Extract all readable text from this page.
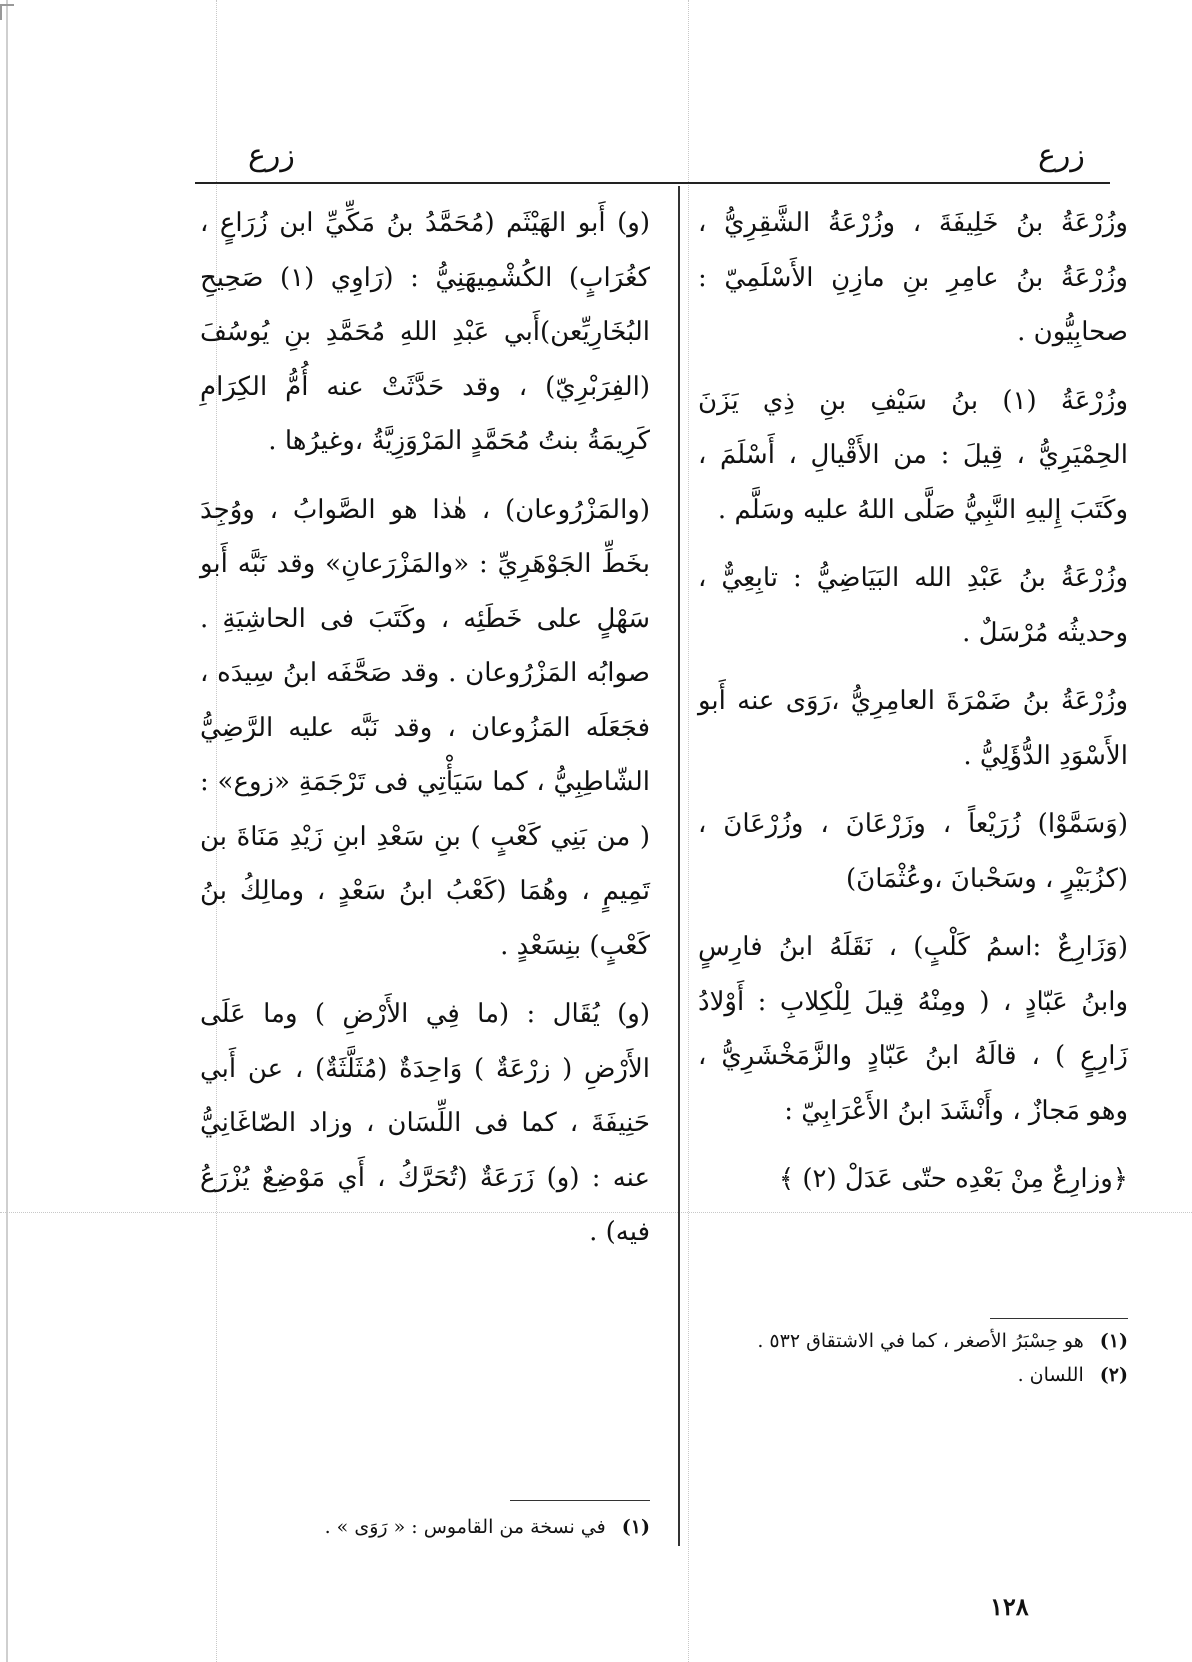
زرع	زرع

وزُرْعَةُ بنُ خَلِيفَةَ ، وزُرْعَةُ الشَّقِرِيُّ ، وزُرْعَةُ بنُ عامِرِ بنِ مازِنِ الأَسْلَمِيّ : صحابِيُّون .

وزُرْعَةُ (١) بنُ سَيْفِ بنِ ذِي يَزَنَ الحِمْيَرِيُّ ، قِيلَ : من الأَقْيالِ ، أَسْلَمَ ، وكَتَبَ إِليهِ النَّبِيُّ صَلَّى اللهُ عليه وسَلَّم .

وزُرْعَةُ بنُ عَبْدِ الله البَيَاضِيُّ : تابِعِيٌّ ، وحديثُه مُرْسَلٌ .

وزُرْعَةُ بنُ ضَمْرَةَ العامِرِيُّ ،رَوَى عنه أَبو الأَسْوَدِ الدُّؤَلِيُّ .

(وَسَمَّوْا) زُرَيْعاً ، وزَرْعَانَ ، وزُرْعَانَ ، (كزُبَيْرٍ ، وسَحْبانَ ،وعُثْمَانَ)

(وَزَارِعٌ :اسمُ كَلْبٍ) ، نَقَلَهُ ابنُ فارِسٍ وابنُ عَبّادٍ ، ( ومِنْهُ قِيلَ لِلْكِلابِ : أَوْلادُ زَارِعٍ ) ، قالَهُ ابنُ عَبّادٍ والزَّمَخْشَرِيُّ ، وهو مَجازٌ ، وأَنْشَدَ ابنُ الأَعْرَابِيّ :

﴿وزارِعٌ مِنْ بَعْدِه حتّى عَدَلْ (٢) ﴾

(و) أَبو الهَيْثَم (مُحَمَّدُ بنُ مَكِّيِّ ابن زُرَاعٍ ، كغُرَابٍ) الكُشْمِيهَنِيُّ : (رَاوِي (١) صَحِيحِ البُخَارِيِّعن)أَبي عَبْدِ اللهِ مُحَمَّدِ بنِ يُوسُفَ (الفِرَبْرِيّ) ، وقد حَدَّثَتْ عنه أُمُّ الكِرَامِ كَرِيمَةُ بنتُ مُحَمَّدٍ المَرْوَزِيَّةُ ،وغيرُها .

(والمَزْرُوعان) ، هٰذا هو الصَّوابُ ، ووُجِدَ بخَطِّ الجَوْهَرِيِّ : «والمَزْرَعانِ» وقد نَبَّه أَبو سَهْلٍ على خَطَئِه ، وكَتَبَ فى الحاشِيَةِ . صوابُه المَزْرُوعان . وقد صَحَّفَه ابنُ سِيدَه ، فجَعَلَه المَزُوعان ، وقد نَبَّه عليه الرَّضِيُّ الشّاطِبِيُّ ، كما سَيَأْتِي فى تَرْجَمَةِ «زوع» : ( من بَنِي كَعْبٍ ) بنِ سَعْدِ ابنِ زَيْدِ مَنَاةَ بن تَمِيمٍ ، وهُمَا (كَعْبُ ابنُ سَعْدٍ ، ومالِكُ بنُ كَعْبٍ) بنِسَعْدٍ .

(و) يُقَال : (ما فِي الأَرْضِ ) وما عَلَى الأَرْضِ ( زرْعَةٌ ) وَاحِدَةٌ (مُثَلَّثَةٌ) ، عن أَبي حَنِيفَةَ ، كما فى اللِّسَان ، وزاد الصّاغَانِيُّ عنه : (و) زَرَعَةٌ (تُحَرَّكُ ، أَي مَوْضِعٌ يُزْرَعُ فيه) .

(١) في نسخة من القاموس : « رَوَى » .
(١) هو حِسْبَرُ الأصغر ، كما في الاشتقاق ٥٣٢ .
(٢) اللسان .
١٢٨
